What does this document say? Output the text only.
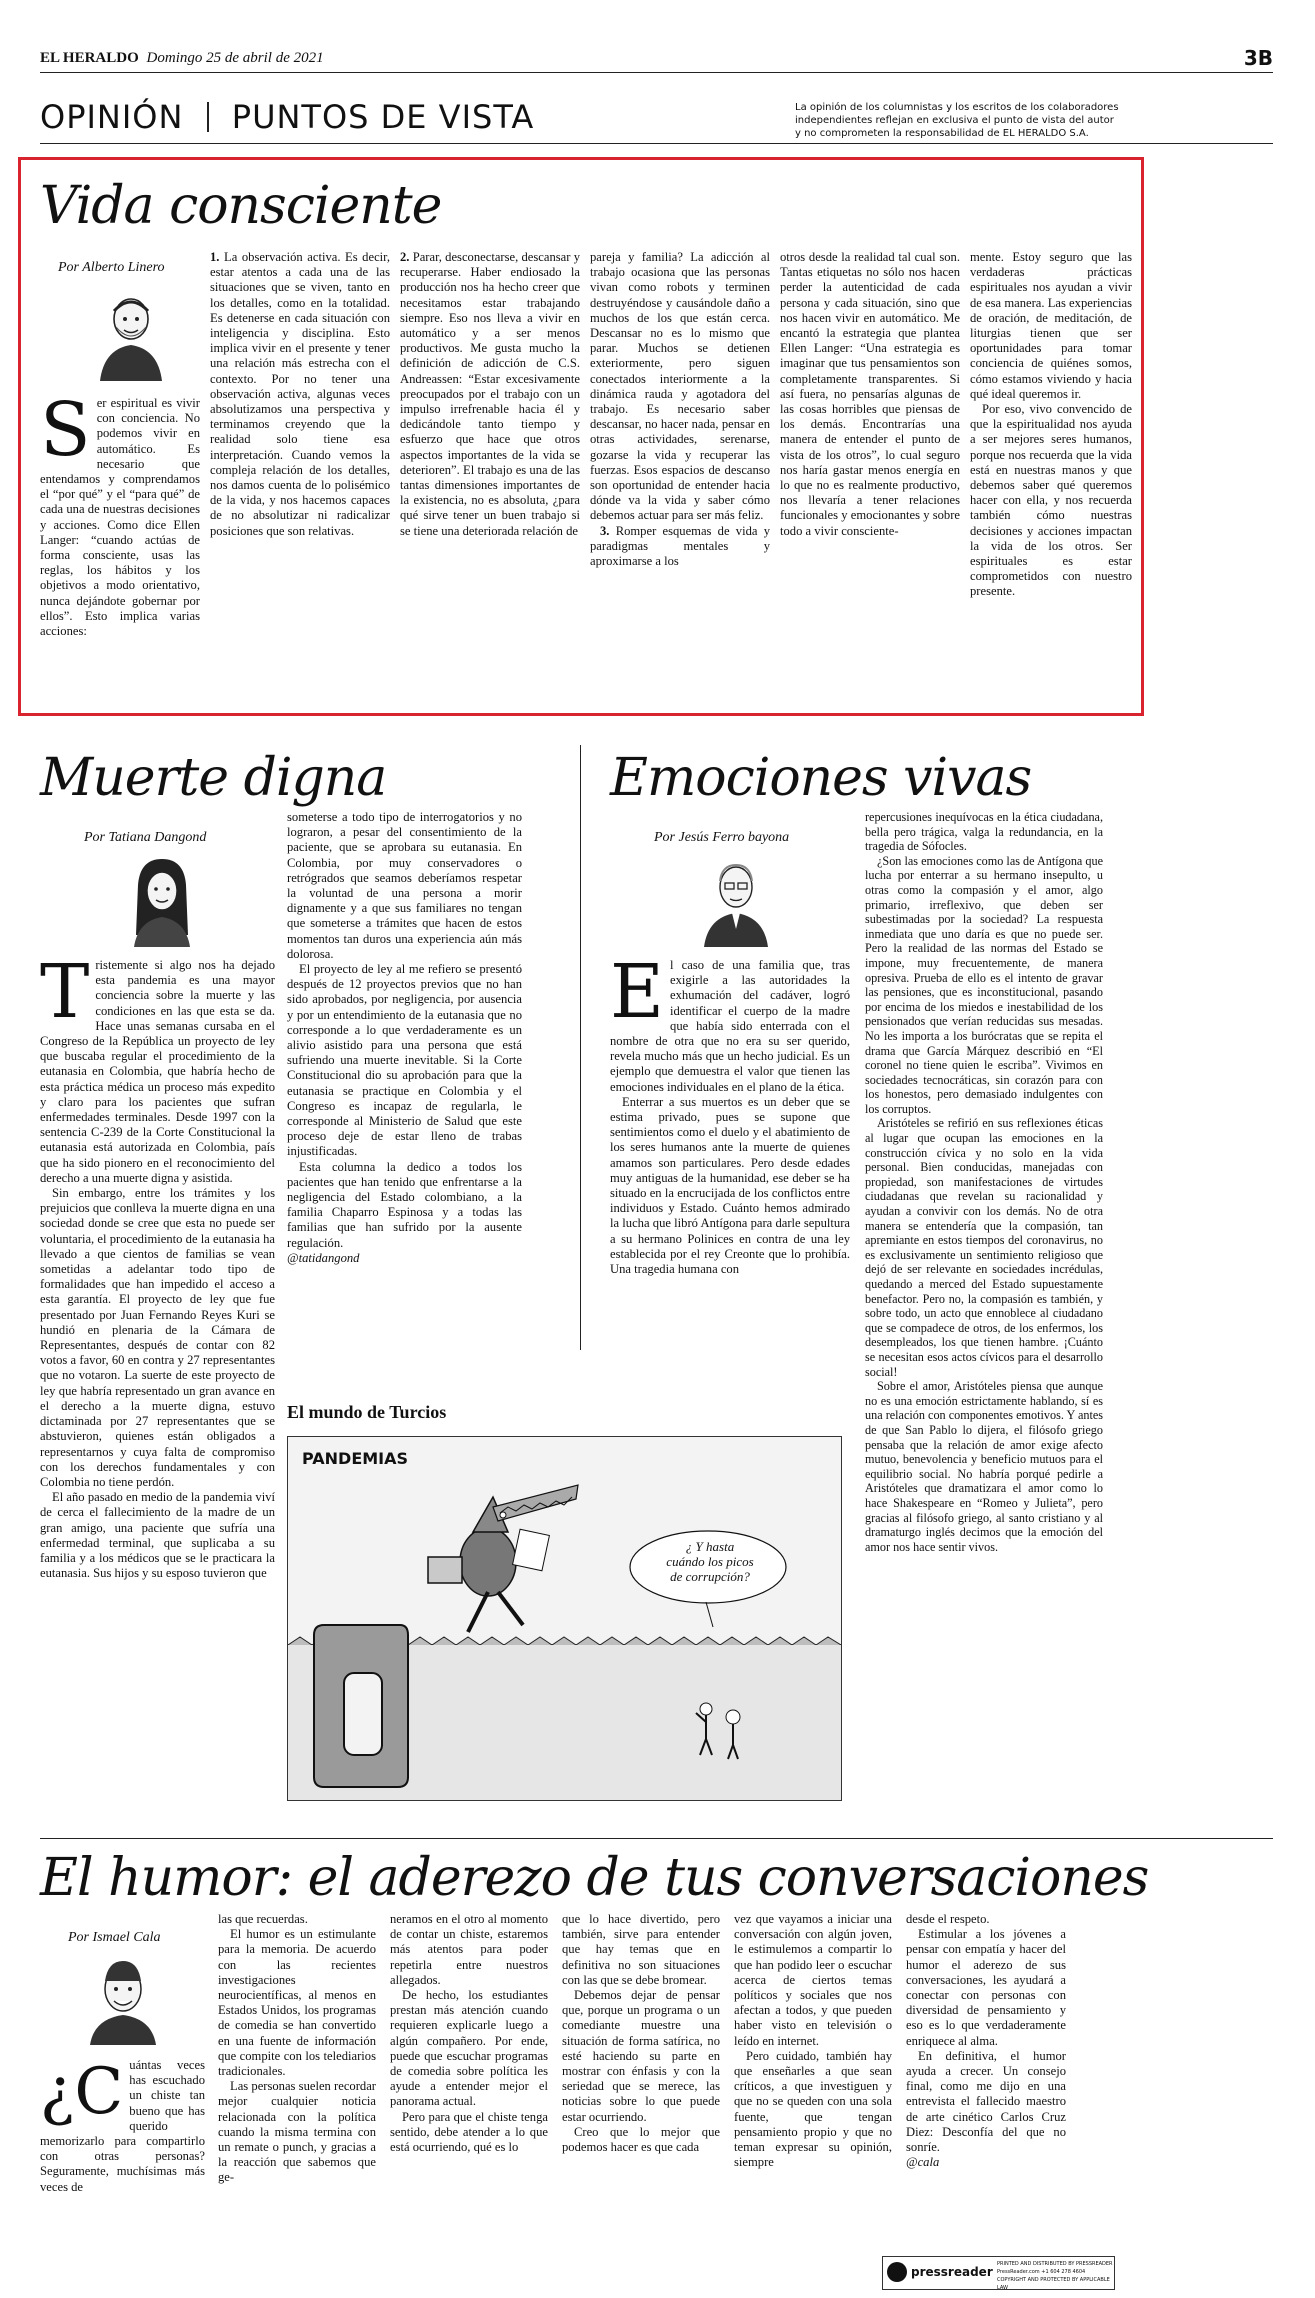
EL HERALDO Domingo 25 de abril de 2021	3B
OPINIÓN PUNTOS DE VISTA	La opinión de los columnistas y los escritos de los colaboradores
independientes reflejan en exclusiva el punto de vista del autor
y no comprometen la responsabilidad de EL HERALDO S.A.
Vida consciente
Por Alberto Linero
S er espiritual es vivir con conciencia. No podemos vivir en automático. Es necesario que entendamos y comprendamos el “por qué” y el “para qué” de cada una de nuestras decisiones y acciones. Como dice Ellen Langer: “cuando actúas de forma consciente, usas las reglas, los hábitos y los objetivos a modo orientativo, nunca dejándote gobernar por ellos”. Esto implica varias acciones:
1. La observación activa. Es decir, estar atentos a cada una de las situaciones que se viven, tanto en los detalles, como en la totalidad. Es detenerse en cada situación con inteligencia y disciplina. Esto implica vivir en el presente y tener una relación más estrecha con el contexto. Por no tener una observación activa, algunas veces absolutizamos una perspectiva y terminamos creyendo que la realidad solo tiene esa interpretación. Cuando vemos la compleja relación de los detalles, nos damos cuenta de lo polisémico de la vida, y nos hacemos capaces de no absolutizar ni radicalizar posiciones que son relativas.
2. Parar, desconectarse, descansar y recuperarse. Haber endiosado la producción nos ha hecho creer que necesitamos estar trabajando siempre. Eso nos lleva a vivir en automático y a ser menos productivos. Me gusta mucho la definición de adicción de C.S. Andreassen: “Estar excesivamente preocupados por el trabajo con un impulso irrefrenable hacia él y dedicándole tanto tiempo y esfuerzo que hace que otros aspectos importantes de la vida se deterioren”. El trabajo es una de las tantas dimensiones importantes de la existencia, no es absoluta, ¿para qué sirve tener un buen trabajo si se tiene una deteriorada relación de
pareja y familia? La adicción al trabajo ocasiona que las personas vivan como robots y terminen destruyéndose y causándole daño a muchos de los que están cerca. Descansar no es lo mismo que parar. Muchos se detienen exteriormente, pero siguen conectados interiormente a la dinámica rauda y agotadora del trabajo. Es necesario saber descansar, no hacer nada, pensar en otras actividades, serenarse, gozarse la vida y recuperar las fuerzas. Esos espacios de descanso son oportunidad de entender hacia dónde va la vida y saber cómo debemos actuar para ser más feliz.
3. Romper esquemas de vida y paradigmas mentales y aproximarse a los
otros desde la realidad tal cual son. Tantas etiquetas no sólo nos hacen perder la autenticidad de cada persona y cada situación, sino que nos hacen vivir en automático. Me encantó la estrategia que plantea Ellen Langer: “Una estrategia es imaginar que tus pensamientos son completamente transparentes. Si así fuera, no pensarías algunas de las cosas horribles que piensas de los demás. Encontrarías una manera de entender el punto de vista de los otros”, lo cual seguro nos haría gastar menos energía en lo que no es realmente productivo, nos llevaría a tener relaciones funcionales y emocionantes y sobre todo a vivir consciente-

mente. Estoy seguro que las verdaderas prácticas espirituales nos ayudan a vivir de esa manera. Las experiencias de oración, de meditación, de liturgias tienen que ser oportunidades para tomar conciencia de quiénes somos, cómo estamos viviendo y hacia qué ideal queremos ir.

Por eso, vivo convencido de que la espiritualidad nos ayuda a ser mejores seres humanos, porque nos recuerda que la vida está en nuestras manos y que debemos saber qué queremos hacer con ella, y nos recuerda también cómo nuestras decisiones y acciones impactan la vida de los otros. Ser espirituales es estar comprometidos con nuestro presente.

Muerte digna
Por Tatiana Dangond
T ristemente si algo nos ha dejado esta pandemia es una mayor conciencia sobre la muerte y las condiciones en las que esta se da. Hace unas semanas cursaba en el Congreso de la República un proyecto de ley que buscaba regular el procedimiento de la eutanasia en Colombia, que habría hecho de esta práctica médica un proceso más expedito y claro para los pacientes que sufran enfermedades terminales. Desde 1997 con la sentencia C-239 de la Corte Constitucional la eutanasia está autorizada en Colombia, país que ha sido pionero en el reconocimiento del derecho a una muerte digna y asistida.

Sin embargo, entre los trámites y los prejuicios que conlleva la muerte digna en una sociedad donde se cree que esta no puede ser voluntaria, el procedimiento de la eutanasia ha llevado a que cientos de familias se vean sometidas a adelantar todo tipo de formalidades que han impedido el acceso a esta garantía. El proyecto de ley que fue presentado por Juan Fernando Reyes Kuri se hundió en plenaria de la Cámara de Representantes, después de contar con 82 votos a favor, 60 en contra y 27 representantes que no votaron. La suerte de este proyecto de ley que habría representado un gran avance en el derecho a la muerte digna, estuvo dictaminada por 27 representantes que se abstuvieron, quienes están obligados a representarnos y cuya falta de compromiso con los derechos fundamentales y con Colombia no tiene perdón.

El año pasado en medio de la pandemia viví de cerca el fallecimiento de la madre de un gran amigo, una paciente que sufría una enfermedad terminal, que suplicaba a su familia y a los médicos que se le practicara la eutanasia. Sus hijos y su esposo tuvieron que

someterse a todo tipo de interrogatorios y no lograron, a pesar del consentimiento de la paciente, que se aprobara su eutanasia. En Colombia, por muy conservadores o retrógrados que seamos deberíamos respetar la voluntad de una persona a morir dignamente y a que sus familiares no tengan que someterse a trámites que hacen de estos momentos tan duros una experiencia aún más dolorosa.

El proyecto de ley al me refiero se presentó después de 12 proyectos previos que no han sido aprobados, por negligencia, por ausencia y por un entendimiento de la eutanasia que no corresponde a lo que verdaderamente es un alivio asistido para una persona que está sufriendo una muerte inevitable. Si la Corte Constitucional dio su aprobación para que la eutanasia se practique en Colombia y el Congreso es incapaz de regularla, le corresponde al Ministerio de Salud que este proceso deje de estar lleno de trabas injustificadas.

Esta columna la dedico a todos los pacientes que han tenido que enfrentarse a la negligencia del Estado colombiano, a la familia Chaparro Espinosa y a todas las familias que han sufrido por la ausente regulación.

@tatidangond
Emociones vivas
Por Jesús Ferro bayona
E l caso de una familia que, tras exigirle a las autoridades la exhumación del cadáver, logró identificar el cuerpo de la madre que había sido enterrada con el nombre de otra que no era su ser querido, revela mucho más que un hecho judicial. Es un ejemplo que demuestra el valor que tienen las emociones individuales en el plano de la ética.

Enterrar a sus muertos es un deber que se estima privado, pues se supone que sentimientos como el duelo y el abatimiento de los seres humanos ante la muerte de quienes amamos son particulares. Pero desde edades muy antiguas de la humanidad, ese deber se ha situado en la encrucijada de los conflictos entre individuos y Estado. Cuánto hemos admirado la lucha que libró Antígona para darle sepultura a su hermano Polinices en contra de una ley establecida por el rey Creonte que lo prohibía. Una tragedia humana con

repercusiones inequívocas en la ética ciudadana, bella pero trágica, valga la redundancia, en la tragedia de Sófocles.

¿Son las emociones como las de Antígona que lucha por enterrar a su hermano insepulto, u otras como la compasión y el amor, algo primario, irreflexivo, que deben ser subestimadas por la sociedad? La respuesta inmediata que uno daría es que no puede ser. Pero la realidad de las normas del Estado se impone, muy frecuentemente, de manera opresiva. Prueba de ello es el intento de gravar las pensiones, que es inconstitucional, pasando por encima de los miedos e inestabilidad de los pensionados que verían reducidas sus mesadas. No les importa a los burócratas que se repita el drama que García Márquez describió en “El coronel no tiene quien le escriba”. Vivimos en sociedades tecnocráticas, sin corazón para con los honestos, pero demasiado indulgentes con los corruptos.

Aristóteles se refirió en sus reflexiones éticas al lugar que ocupan las emociones en la construcción cívica y no solo en la vida personal. Bien conducidas, manejadas con propiedad, son manifestaciones de virtudes ciudadanas que revelan su racionalidad y ayudan a convivir con los demás. No de otra manera se entendería que la compasión, tan apremiante en estos tiempos del coronavirus, no es exclusivamente un sentimiento religioso que dejó de ser relevante en sociedades incrédulas, quedando a merced del Estado supuestamente benefactor. Pero no, la compasión es también, y sobre todo, un acto que ennoblece al ciudadano que se compadece de otros, de los enfermos, los desempleados, los que tienen hambre. ¡Cuánto se necesitan esos actos cívicos para el desarrollo social!

Sobre el amor, Aristóteles piensa que aunque no es una emoción estrictamente hablando, sí es una relación con componentes emotivos. Y antes de que San Pablo lo dijera, el filósofo griego pensaba que la relación de amor exige afecto mutuo, benevolencia y beneficio mutuos para el equilibrio social. No habría porqué pedirle a Aristóteles que dramatizara el amor como lo hace Shakespeare en “Romeo y Julieta”, pero gracias al filósofo griego, al santo cristiano y al dramaturgo inglés decimos que la emoción del amor nos hace sentir vivos.

El mundo de Turcios
PANDEMIAS
¿ Y hasta
cuándo los picos
de corrupción?
El humor: el aderezo de tus conversaciones
Por Ismael Cala
¿C uántas veces has escuchado un chiste tan bueno que has querido memorizarlo para compartirlo con otras personas? Seguramente, muchísimas más veces de

las que recuerdas.

El humor es un estimulante para la memoria. De acuerdo con las recientes investigaciones neurocientíficas, al menos en Estados Unidos, los programas de comedia se han convertido en una fuente de información que compite con los telediarios tradicionales.

Las personas suelen recordar mejor cualquier noticia relacionada con la política cuando la misma termina con un remate o punch, y gracias a la reacción que sabemos que ge-

neramos en el otro al momento de contar un chiste, estaremos más atentos para poder repetirla entre nuestros allegados.

De hecho, los estudiantes prestan más atención cuando requieren explicarle luego a algún compañero. Por ende, puede que escuchar programas de comedia sobre política les ayude a entender mejor el panorama actual.

Pero para que el chiste tenga sentido, debe atender a lo que está ocurriendo, qué es lo

que lo hace divertido, pero también, sirve para entender que hay temas que en definitiva no son situaciones con las que se debe bromear.

Debemos dejar de pensar que, porque un programa o un comediante muestre una situación de forma satírica, no esté haciendo su parte en mostrar con énfasis y con la seriedad que se merece, las noticias sobre lo que puede estar ocurriendo.

Creo que lo mejor que podemos hacer es que cada

vez que vayamos a iniciar una conversación con algún joven, le estimulemos a compartir lo que han podido leer o escuchar acerca de ciertos temas políticos y sociales que nos afectan a todos, y que pueden haber visto en televisión o leído en internet.

Pero cuidado, también hay que enseñarles a que sean críticos, a que investiguen y que no se queden con una sola fuente, que tengan pensamiento propio y que no teman expresar su opinión, siempre

desde el respeto.

Estimular a los jóvenes a pensar con empatía y hacer del humor el aderezo de sus conversaciones, les ayudará a conectar con personas con diversidad de pensamiento y eso es lo que verdaderamente enriquece al alma.

En definitiva, el humor ayuda a crecer. Un consejo final, como me dijo en una entrevista el fallecido maestro de arte cinético Carlos Cruz Diez: Desconfía del que no sonríe.

@cala
pressreader
PRINTED AND DISTRIBUTED BY PRESSREADER
PressReader.com +1 604 278 4604
COPYRIGHT AND PROTECTED BY APPLICABLE LAW
